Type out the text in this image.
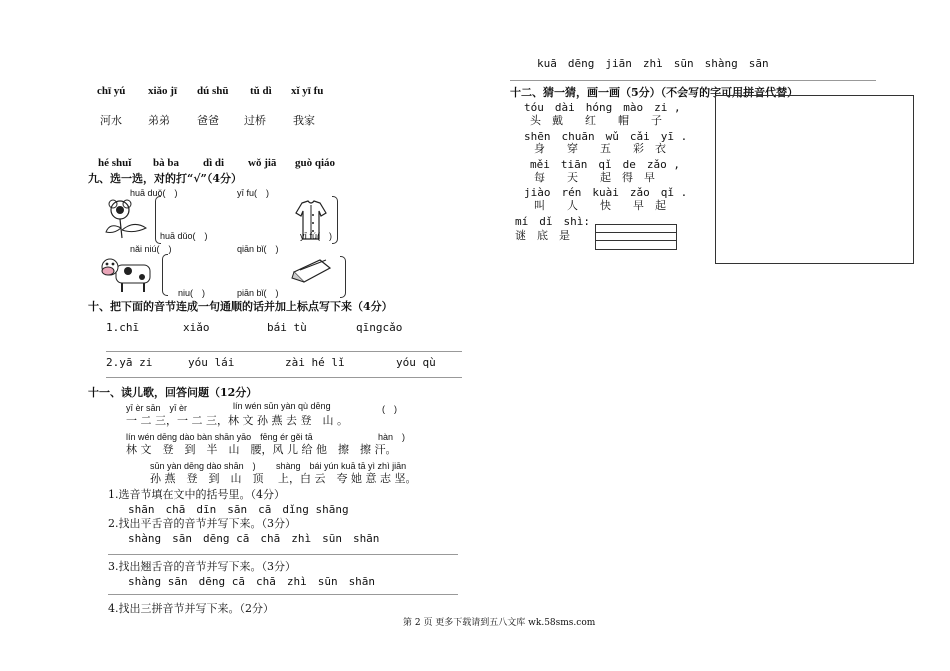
chī yú xiǎo jī dú shū tǔ dì xǐ yī fu
河水 弟弟 爸爸 过桥 我家
hé shuǐ bà ba dì di wǒ jiā guò qiáo
九、选一选，对的打“√”（4分）
huā duǒ(　)	yī fu(　)
huā dǔo(　)	yī fú(　)
nǎi niú(　)	qiān bǐ(　)
niu(　)	piān bǐ(　)
十、把下面的音节连成一句通顺的话并加上标点写下来（4分）
1.chī	xiǎo	bái tù	qīngcǎo
2.yā zi	yóu lái	zài hé lǐ	yóu qù
十一、读儿歌，回答问题（12分）
yī èr sān　yī èr	lín wén sūn yàn qù dēng	(　)
一 二 三，一 二 三，林 文 孙 燕 去 登　山 。
lín wén dēng dào bàn shān yāo　fēng ér gěi tā	hàn　)
林 文　登　到　半　山　腰，风 儿 给 他　擦　擦 汗。
sūn yàn dēng dào shān　) shàng　bái yún kuā tā yì zhì jiān
孙 燕　登　到　山　顶　 上，白 云　夸 她 意 志 坚。
1.选音节填在文中的括号里。（4分）
shān　chā　dīn　sān　cā　dǐng shāng
2.找出平舌音的音节并写下来。（3分）
shàng　sān　dēng cā　chā　zhì　sūn　shān
3.找出翘舌音的音节并写下来。（3分）
shàng sān　dēng cā　chā　zhì　sūn　shān
4.找出三拼音节并写下来。（2分）
kuā　dēng　jiān　zhì　sūn　shàng　sān
十二、猜一猜，画一画（5分）（不会写的字可用拼音代替）
tóu　dài　hóng　mào　zi ,
头　戴　　红　　帽　　子
shēn　chuān　wǔ　cǎi　yī .
身　　穿　　五　　彩　衣
měi　tiān　qǐ　de　zǎo ,
每　　天　　起　得　早
jiào　rén　kuài　zǎo　qǐ .
叫　　人　　快　　早　起
mí　dǐ　shì:
谜　底　是
第 2 页 更多下载请到五八文库 wk.58sms.com
